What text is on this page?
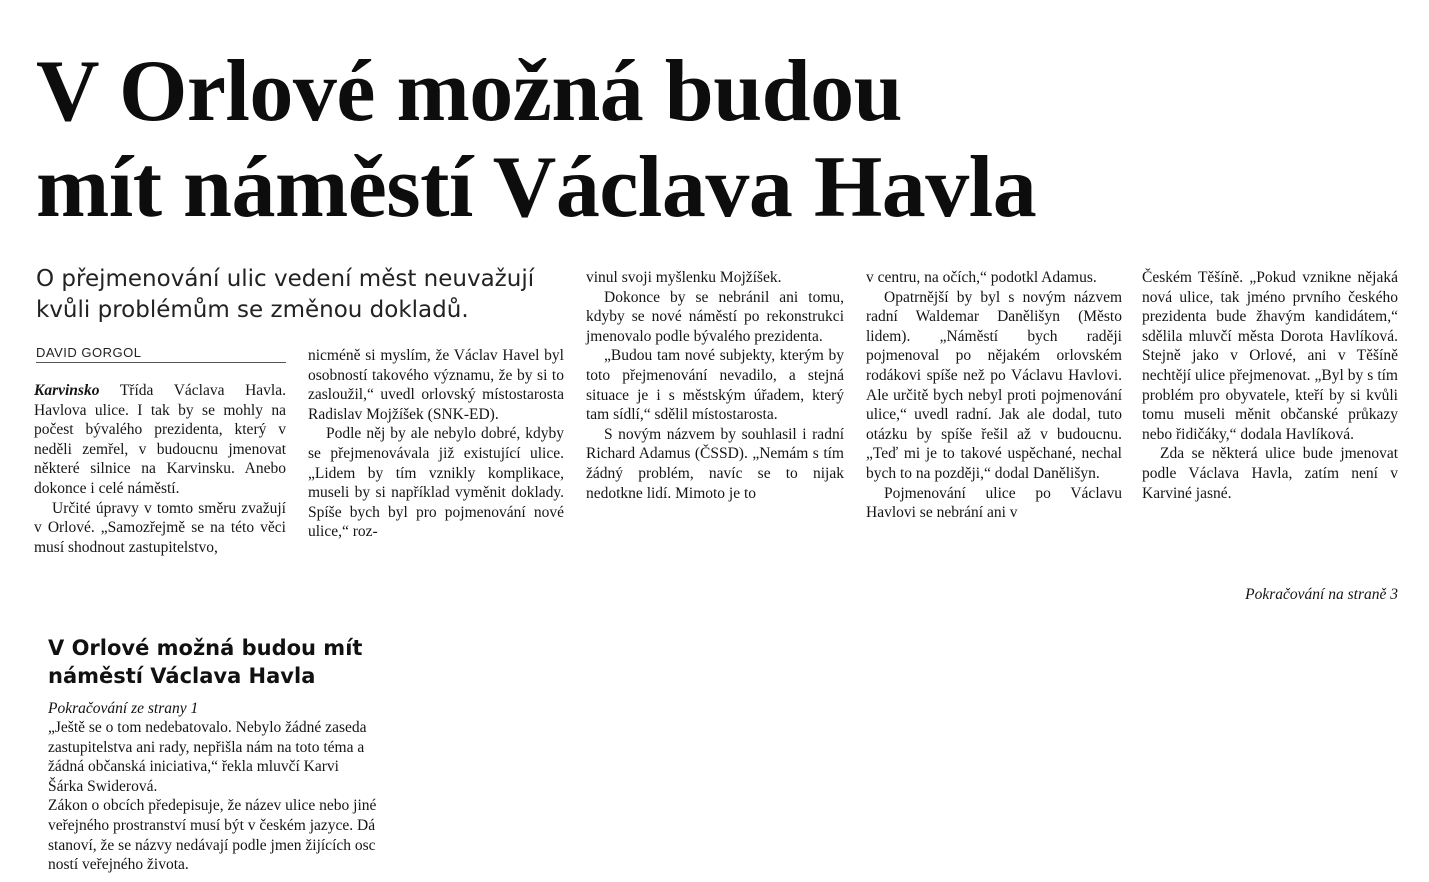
V Orlové možná budou
mít náměstí Václava Havla

O přejmenování ulic vedení měst neuvažují kvůli problémům se změnou dokladů.

DAVID GORGOL

Karvinsko Třída Václava Havla. Havlova ulice. I tak by se mohly na počest bývalého prezidenta, který v neděli zemřel, v budoucnu jmenovat některé silnice na Karvinsku. Anebo dokonce i celé náměstí.

Určité úpravy v tomto směru zvažují v Orlové. „Samozřejmě se na této věci musí shodnout zastupitelstvo,

nicméně si myslím, že Václav Havel byl osobností takového významu, že by si to zasloužil,“ uvedl orlovský místostarosta Radislav Mojžíšek (SNK-ED).

Podle něj by ale nebylo dobré, kdyby se přejmenovávala již existující ulice. „Lidem by tím vznikly komplikace, museli by si například vyměnit doklady. Spíše bych byl pro pojmenování nové ulice,“ roz-

vinul svoji myšlenku Mojžíšek.

Dokonce by se nebránil ani tomu, kdyby se nové náměstí po rekonstrukci jmenovalo podle bývalého prezidenta.

„Budou tam nové subjekty, kterým by toto přejmenování nevadilo, a stejná situace je i s městským úřadem, který tam sídlí,“ sdělil místostarosta.

S novým názvem by souhlasil i radní Richard Adamus (ČSSD). „Nemám s tím žádný problém, navíc se to nijak nedotkne lidí. Mimoto je to

v centru, na očích,“ podotkl Adamus.

Opatrnější by byl s novým názvem radní Waldemar Danělišyn (Město lidem). „Náměstí bych raději pojmenoval po nějakém orlovském rodákovi spíše než po Václavu Havlovi. Ale určitě bych nebyl proti pojmenování ulice,“ uvedl radní. Jak ale dodal, tuto otázku by spíše řešil až v budoucnu. „Teď mi je to takové uspěchané, nechal bych to na později,“ dodal Danělišyn.

Pojmenování ulice po Václavu Havlovi se nebrání ani v

Českém Těšíně. „Pokud vznikne nějaká nová ulice, tak jméno prvního českého prezidenta bude žhavým kandidátem,“ sdělila mluvčí města Dorota Havlíková. Stejně jako v Orlové, ani v Těšíně nechtějí ulice přejmenovat. „Byl by s tím problém pro obyvatele, kteří by si kvůli tomu museli měnit občanské průkazy nebo řidičáky,“ dodala Havlíková.

Zda se některá ulice bude jmenovat podle Václava Havla, zatím není v Karviné jasné.

Pokračování na straně 3
V Orlové možná budou mít
náměstí Václava Havla
Pokračování ze strany 1

„Ještě se o tom nedebatovalo. Nebylo žádné zaseda

zastupitelstva ani rady, nepřišla nám na toto téma a

žádná občanská iniciativa,“ řekla mluvčí Karvi

Šárka Swiderová.

Zákon o obcích předepisuje, že název ulice nebo jiné

veřejného prostranství musí být v českém jazyce. Dá

stanoví, že se názvy nedávají podle jmen žijících osc

ností veřejného života.
